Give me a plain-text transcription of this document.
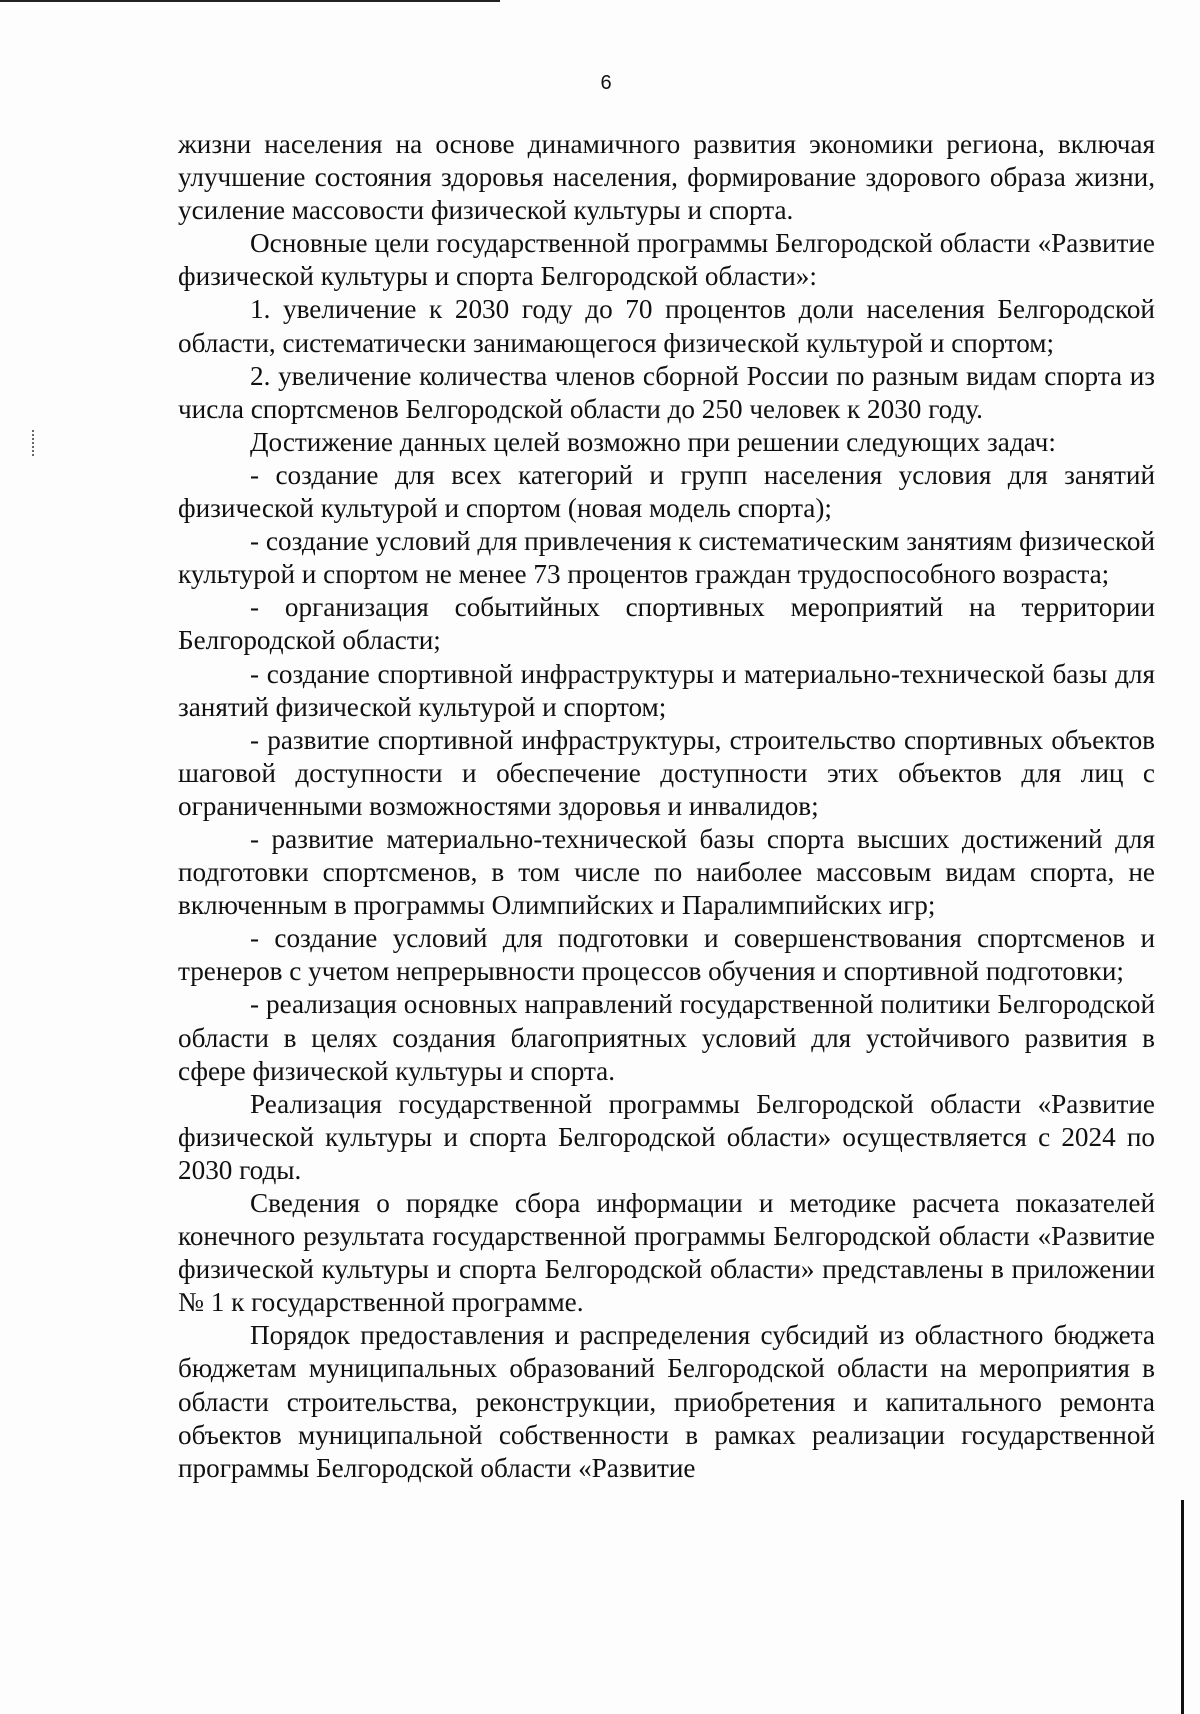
6

жизни населения на основе динамичного развития экономики региона, включая улучшение состояния здоровья населения, формирование здорового образа жизни, усиление массовости физической культуры и спорта.

Основные цели государственной программы Белгородской области «Развитие физической культуры и спорта Белгородской области»:

1. увеличение к 2030 году до 70 процентов доли населения Белгородской области, систематически занимающегося физической культурой и спортом;

2. увеличение количества членов сборной России по разным видам спорта из числа спортсменов Белгородской области до 250 человек к 2030 году.

Достижение данных целей возможно при решении следующих задач:

- создание для всех категорий и групп населения условия для занятий физической культурой и спортом (новая модель спорта);

- создание условий для привлечения к систематическим занятиям физической культурой и спортом не менее 73 процентов граждан трудоспособного возраста;

- организация событийных спортивных мероприятий на территории Белгородской области;

- создание спортивной инфраструктуры и материально-технической базы для занятий физической культурой и спортом;

- развитие спортивной инфраструктуры, строительство спортивных объектов шаговой доступности и обеспечение доступности этих объектов для лиц с ограниченными возможностями здоровья и инвалидов;

- развитие материально-технической базы спорта высших достижений для подготовки спортсменов, в том числе по наиболее массовым видам спорта, не включенным в программы Олимпийских и Паралимпийских игр;

- создание условий для подготовки и совершенствования спортсменов и тренеров с учетом непрерывности процессов обучения и спортивной подготовки;

- реализация основных направлений государственной политики Белгородской области в целях создания благоприятных условий для устойчивого развития в сфере физической культуры и спорта.

Реализация государственной программы Белгородской области «Развитие физической культуры и спорта Белгородской области» осуществляется с 2024 по 2030 годы.

Сведения о порядке сбора информации и методике расчета показателей конечного результата государственной программы Белгородской области «Развитие физической культуры и спорта Белгородской области» представлены в приложении № 1 к государственной программе.

Порядок предоставления и распределения субсидий из областного бюджета бюджетам муниципальных образований Белгородской области на мероприятия в области строительства, реконструкции, приобретения и капитального ремонта объектов муниципальной собственности в рамках реализации государственной программы Белгородской области «Развитие
